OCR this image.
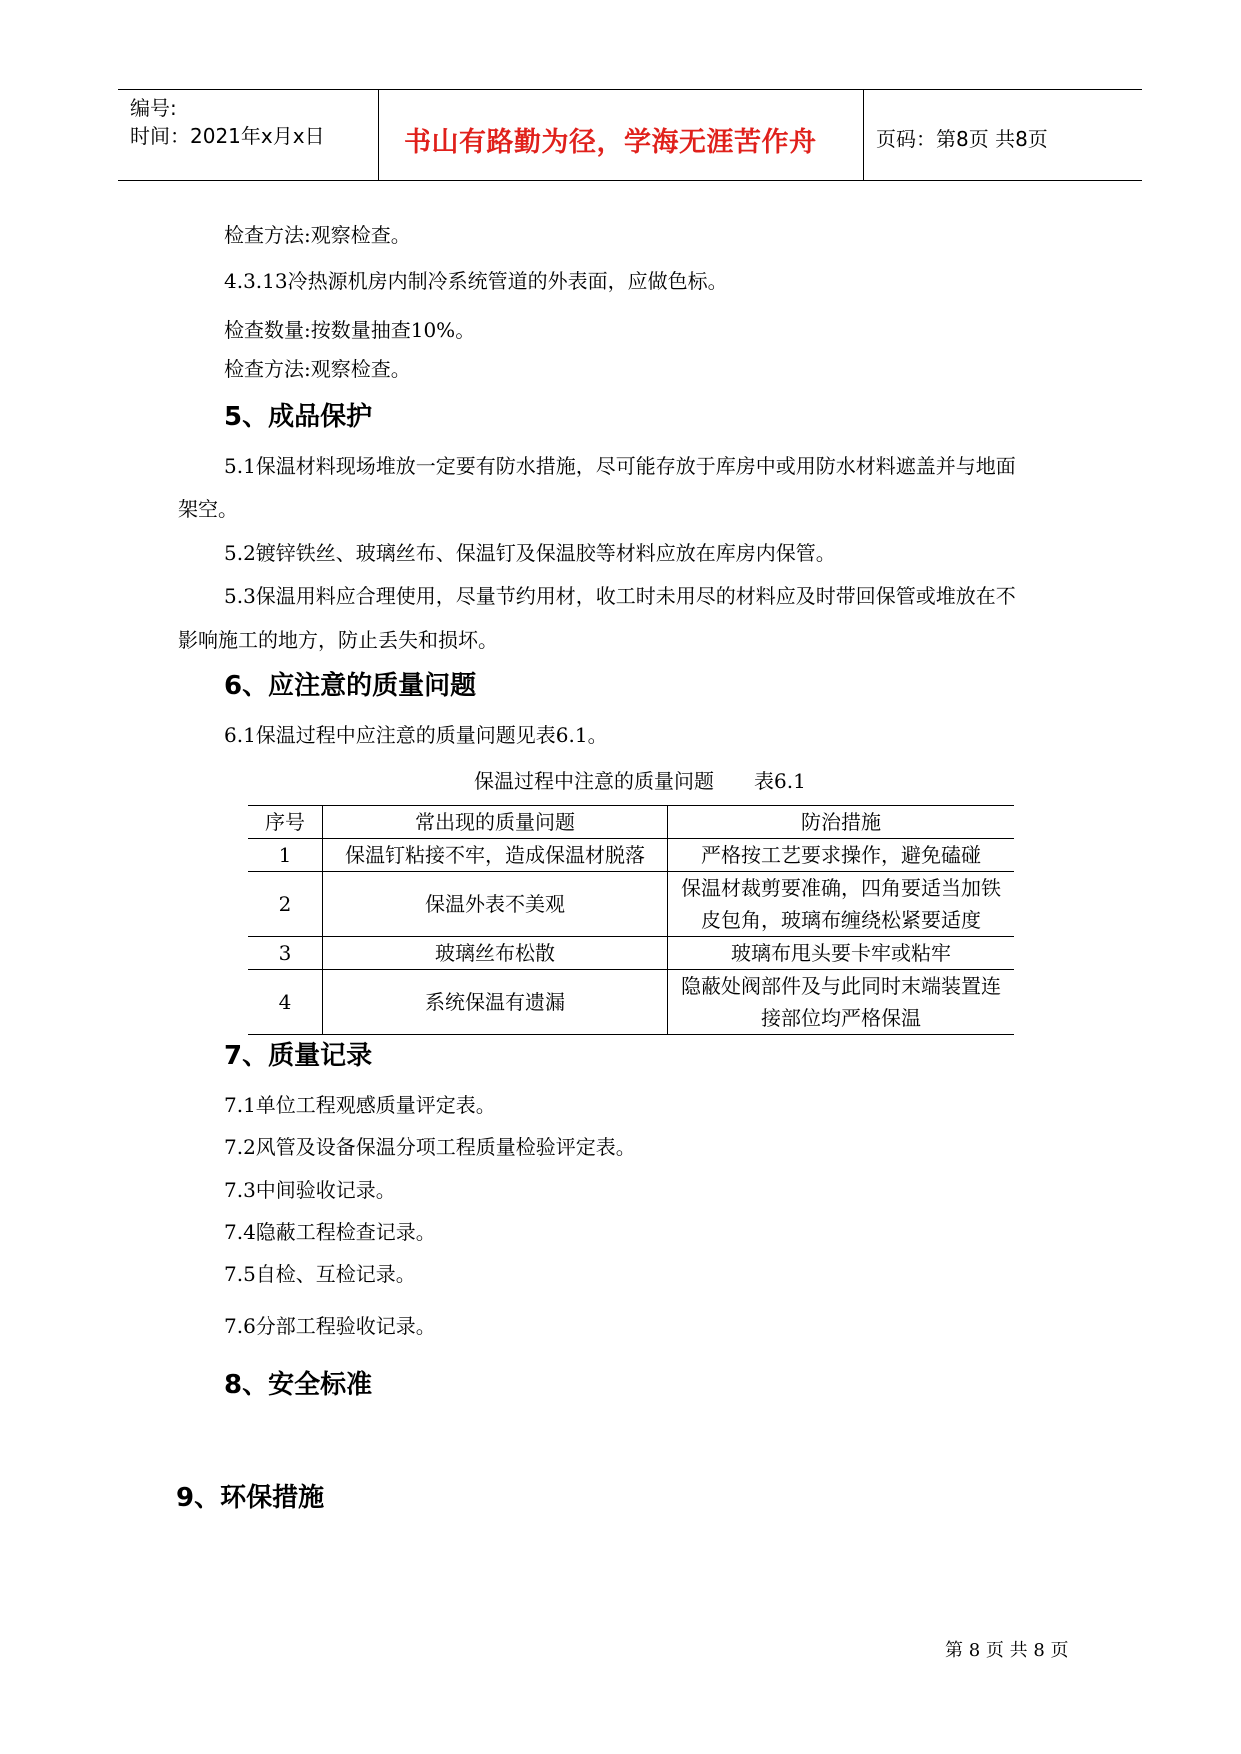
编号:
时间：2021年x月x日	书山有路勤为径，学海无涯苦作舟	页码：第8页 共8页
检查方法:观察检查。
4.3.13冷热源机房内制冷系统管道的外表面，应做色标。
检查数量:按数量抽查10%。
检查方法:观察检查。
5、成品保护
5.1保温材料现场堆放一定要有防水措施，尽可能存放于库房中或用防水材料遮盖并与地面
架空。
5.2镀锌铁丝、玻璃丝布、保温钉及保温胶等材料应放在库房内保管。
5.3保温用料应合理使用，尽量节约用材，收工时未用尽的材料应及时带回保管或堆放在不
影响施工的地方，防止丢失和损坏。
6、应注意的质量问题
6.1保温过程中应注意的质量问题见表6.1。
保温过程中注意的质量问题 表6.1
序号	常出现的质量问题	防治措施
1	保温钉粘接不牢，造成保温材脱落	严格按工艺要求操作，避免磕碰
2	保温外表不美观	保温材裁剪要准确，四角要适当加铁皮包角，玻璃布缠绕松紧要适度
3	玻璃丝布松散	玻璃布甩头要卡牢或粘牢
4	系统保温有遗漏	隐蔽处阀部件及与此同时末端装置连接部位均严格保温
7、质量记录
7.1单位工程观感质量评定表。
7.2风管及设备保温分项工程质量检验评定表。
7.3中间验收记录。
7.4隐蔽工程检查记录。
7.5自检、互检记录。
7.6分部工程验收记录。
8、安全标准
9、环保措施
第 8 页 共 8 页
